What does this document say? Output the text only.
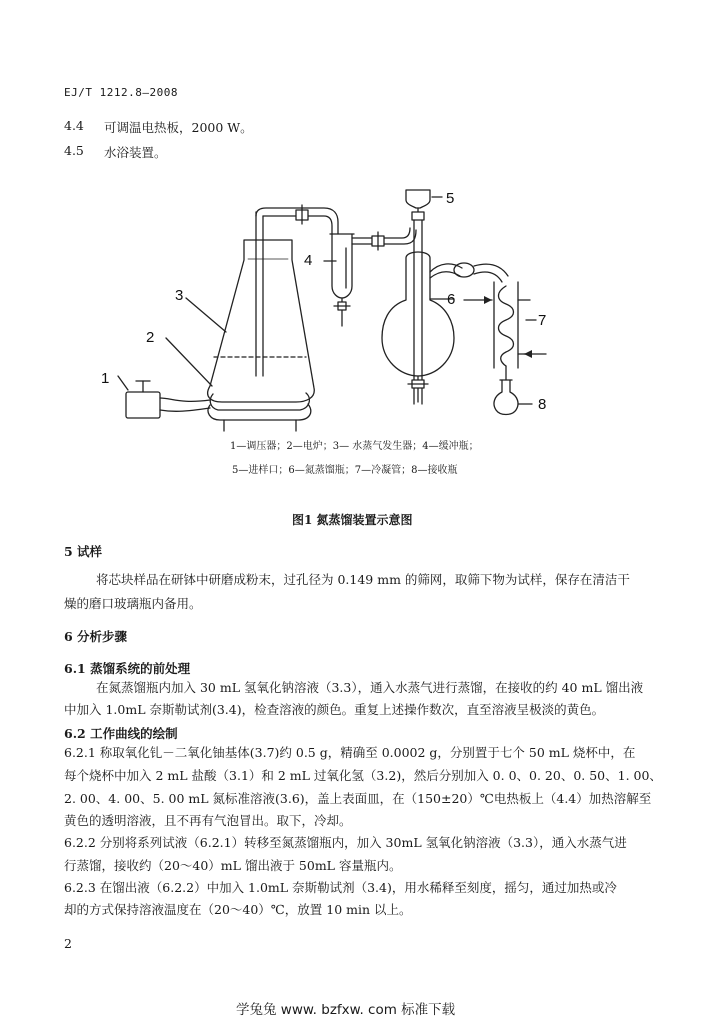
EJ/T 1212.8—2008
4.4 可调温电热板，2000 W。
4.5 水浴装置。
1
2
3
4
5
6
7
8
1—调压器；2—电炉；3— 水蒸气发生器；4—缓冲瓶；
5—进样口；6—氮蒸馏瓶；7—冷凝管；8—接收瓶
图1 氮蒸馏装置示意图
5 试样
将芯块样品在研钵中研磨成粉末，过孔径为 0.149 mm 的筛网，取筛下物为试样，保存在清洁干
燥的磨口玻璃瓶内备用。
6 分析步骤
6.1 蒸馏系统的前处理
在氮蒸馏瓶内加入 30 mL 氢氧化钠溶液（3.3），通入水蒸气进行蒸馏，在接收的约 40 mL 馏出液
中加入 1.0mL 奈斯勒试剂(3.4)，检查溶液的颜色。重复上述操作数次，直至溶液呈极淡的黄色。
6.2 工作曲线的绘制
6.2.1 称取氧化钆－二氧化铀基体(3.7)约 0.5 g，精确至 0.0002 g，分别置于七个 50 mL 烧杯中，在
每个烧杯中加入 2 mL 盐酸（3.1）和 2 mL 过氧化氢（3.2)，然后分别加入 0. 0、0. 20、0. 50、1. 00、
2. 00、4. 00、5. 00 mL 氮标准溶液(3.6)，盖上表面皿，在（150±20）℃电热板上（4.4）加热溶解至
黄色的透明溶液，且不再有气泡冒出。取下，冷却。
6.2.2 分别将系列试液（6.2.1）转移至氮蒸馏瓶内，加入 30mL 氢氧化钠溶液（3.3），通入水蒸气进
行蒸馏，接收约（20～40）mL 馏出液于 50mL 容量瓶内。
6.2.3 在馏出液（6.2.2）中加入 1.0mL 奈斯勒试剂（3.4)，用水稀释至刻度，摇匀，通过加热或冷
却的方式保持溶液温度在（20～40）℃，放置 10 min 以上。
2
学兔兔 www. bzfxw. com 标准下载
